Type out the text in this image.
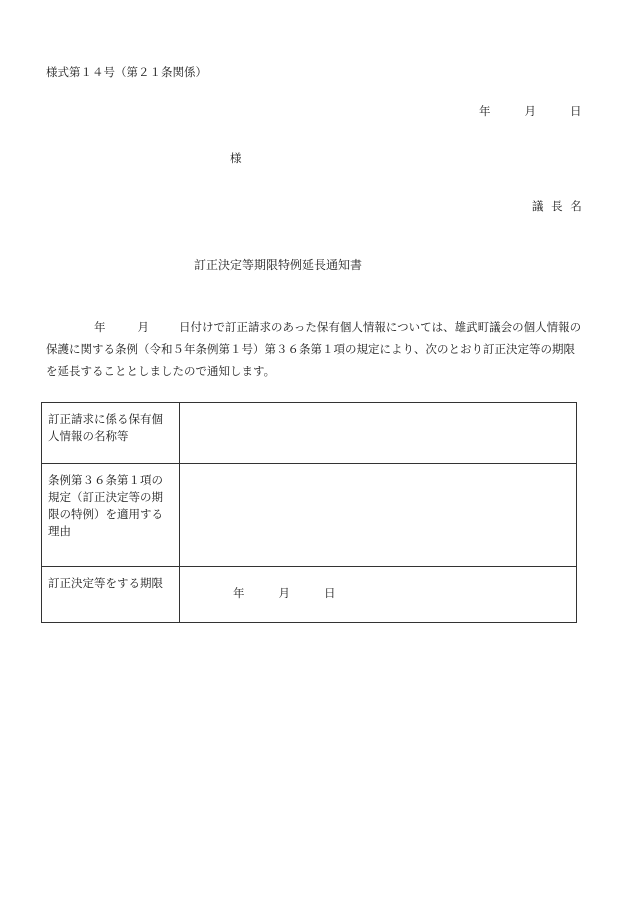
様式第１４号（第２１条関係）
年	月	日
様
議 長 名
訂正決定等期限特例延長通知書
年	月	日付けで訂正請求のあった保有個人情報については、雄武町議会の個人情報の保護に関する条例（令和５年条例第１号）第３６条第１項の規定により、次のとおり訂正決定等の期限を延長することとしましたので通知します。
訂正請求に係る保有個人情報の名称等	
条例第３６条第１項の規定（訂正決定等の期限の特例）を適用する理由	
訂正決定等をする期限	年 月 日
